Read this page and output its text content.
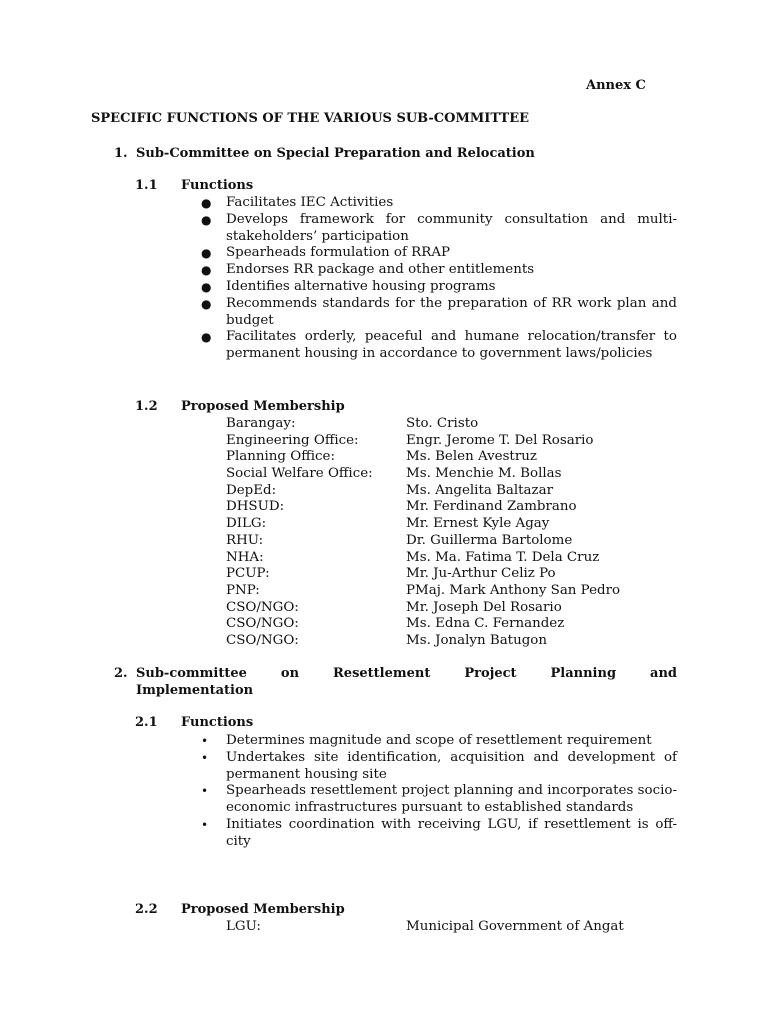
Annex C
SPECIFIC FUNCTIONS OF THE VARIOUS SUB-COMMITTEE
1. Sub-Committee on Special Preparation and Relocation
1.1 Functions
● Facilitates IEC Activities
● Develops framework for community consultation and multi-stakeholders’ participation
● Spearheads formulation of RRAP
● Endorses RR package and other entitlements
● Identifies alternative housing programs
● Recommends standards for the preparation of RR work plan and budget
● Facilitates orderly, peaceful and humane relocation/transfer to permanent housing in accordance to government laws/policies
1.2 Proposed Membership
Barangay:	Sto. Cristo
Engineering Office:	Engr. Jerome T. Del Rosario
Planning Office:	Ms. Belen Avestruz
Social Welfare Office: Ms. Menchie M. Bollas
DepEd:	Ms. Angelita Baltazar
DHSUD:	Mr. Ferdinand Zambrano
DILG:	Mr. Ernest Kyle Agay
RHU:	Dr. Guillerma Bartolome
NHA:	Ms. Ma. Fatima T. Dela Cruz
PCUP:	Mr. Ju-Arthur Celiz Po
PNP:	PMaj. Mark Anthony San Pedro
CSO/NGO:	Mr. Joseph Del Rosario
CSO/NGO:	Ms. Edna C. Fernandez
CSO/NGO:	Ms. Jonalyn Batugon
2. Sub-committee on Resettlement Project Planning and
Implementation
2.1 Functions
• Determines magnitude and scope of resettlement requirement
• Undertakes site identification, acquisition and development of permanent housing site
• Spearheads resettlement project planning and incorporates socio-economic infrastructures pursuant to established standards
• Initiates coordination with receiving LGU, if resettlement is off-city
2.2 Proposed Membership
LGU:	Municipal Government of Angat
